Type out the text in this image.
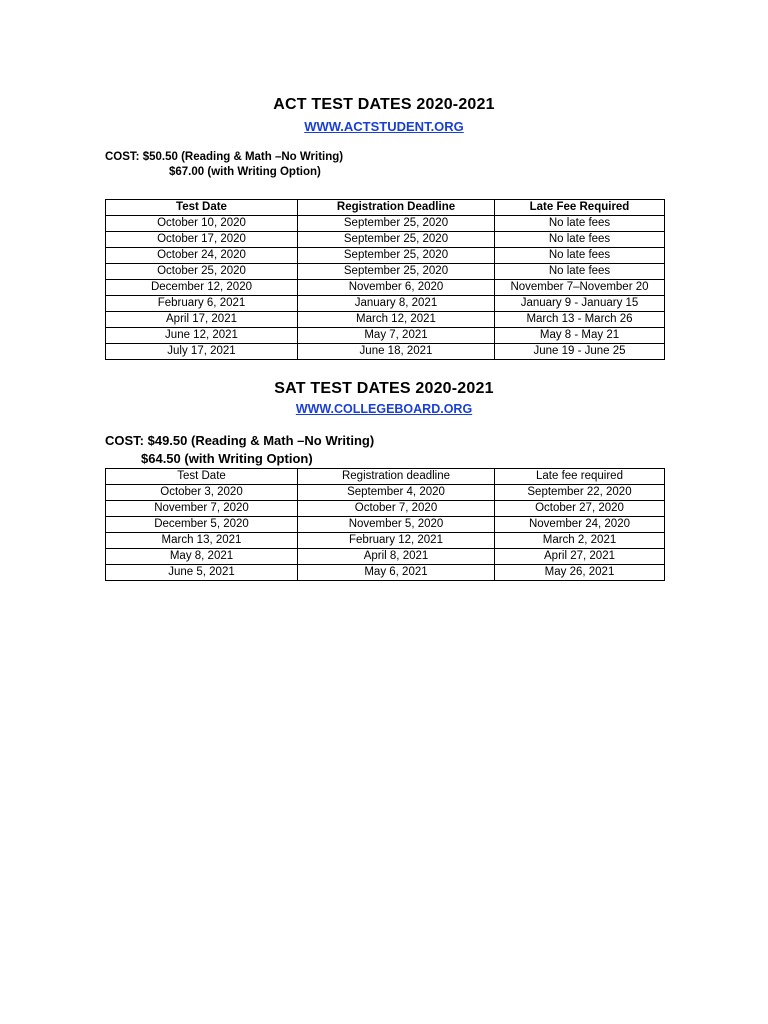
ACT TEST DATES 2020-2021
WWW.ACTSTUDENT.ORG
COST: $50.50 (Reading & Math –No Writing)
$67.00 (with Writing Option)
Test Date	Registration Deadline	Late Fee Required
October 10, 2020	September 25, 2020	No late fees
October 17, 2020	September 25, 2020	No late fees
October 24, 2020	September 25, 2020	No late fees
October 25, 2020	September 25, 2020	No late fees
December 12, 2020	November 6, 2020	November 7–November 20
February 6, 2021	January 8, 2021	January 9 - January 15
April 17, 2021	March 12, 2021	March 13 - March 26
June 12, 2021	May 7, 2021	May 8 - May 21
July 17, 2021	June 18, 2021	June 19 - June 25
SAT TEST DATES 2020-2021
WWW.COLLEGEBOARD.ORG
COST: $49.50 (Reading & Math –No Writing)
$64.50 (with Writing Option)
Test Date	Registration deadline	Late fee required
October 3, 2020	September 4, 2020	September 22, 2020
November 7, 2020	October 7, 2020	October 27, 2020
December 5, 2020	November 5, 2020	November 24, 2020
March 13, 2021	February 12, 2021	March 2, 2021
May 8, 2021	April 8, 2021	April 27, 2021
June 5, 2021	May 6, 2021	May 26, 2021
